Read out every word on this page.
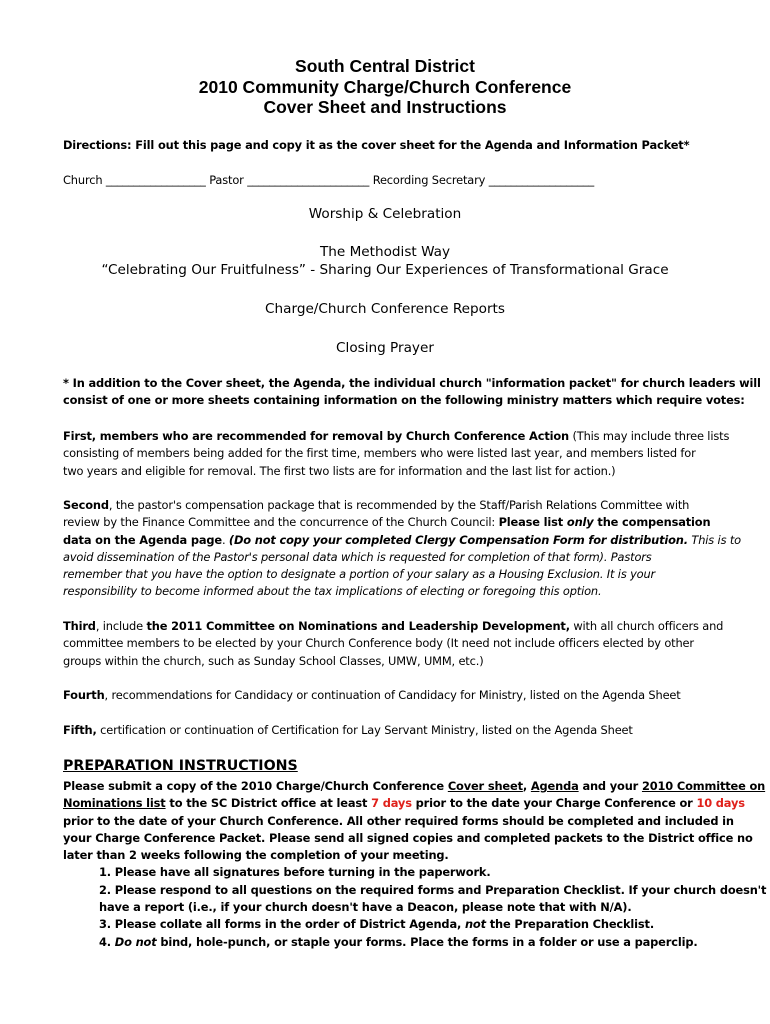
South Central District
2010 Community Charge/Church Conference
Cover Sheet and Instructions
Directions: Fill out this page and copy it as the cover sheet for the Agenda and Information Packet*
Church __________________ Pastor ______________________ Recording Secretary ___________________
Worship & Celebration
The Methodist Way
“Celebrating Our Fruitfulness” - Sharing Our Experiences of Transformational Grace
Charge/Church Conference Reports
Closing Prayer
* In addition to the Cover sheet, the Agenda, the individual church "information packet" for church leaders will
consist of one or more sheets containing information on the following ministry matters which require votes:
First, members who are recommended for removal by Church Conference Action (This may include three lists
consisting of members being added for the first time, members who were listed last year, and members listed for
two years and eligible for removal. The first two lists are for information and the last list for action.)
Second, the pastor's compensation package that is recommended by the Staff/Parish Relations Committee with
review by the Finance Committee and the concurrence of the Church Council: Please list only the compensation
data on the Agenda page. (Do not copy your completed Clergy Compensation Form for distribution. This is to
avoid dissemination of the Pastor's personal data which is requested for completion of that form). Pastors
remember that you have the option to designate a portion of your salary as a Housing Exclusion. It is your
responsibility to become informed about the tax implications of electing or foregoing this option.
Third, include the 2011 Committee on Nominations and Leadership Development, with all church officers and
committee members to be elected by your Church Conference body (It need not include officers elected by other
groups within the church, such as Sunday School Classes, UMW, UMM, etc.)
Fourth, recommendations for Candidacy or continuation of Candidacy for Ministry, listed on the Agenda Sheet
Fifth, certification or continuation of Certification for Lay Servant Ministry, listed on the Agenda Sheet
PREPARATION INSTRUCTIONS
Please submit a copy of the 2010 Charge/Church Conference Cover sheet, Agenda and your 2010 Committee on
Nominations list to the SC District office at least 7 days prior to the date your Charge Conference or 10 days
prior to the date of your Church Conference. All other required forms should be completed and included in
your Charge Conference Packet. Please send all signed copies and completed packets to the District office no
later than 2 weeks following the completion of your meeting.
1. Please have all signatures before turning in the paperwork.
2. Please respond to all questions on the required forms and Preparation Checklist. If your church doesn't
have a report (i.e., if your church doesn't have a Deacon, please note that with N/A).
3. Please collate all forms in the order of District Agenda, not the Preparation Checklist.
4. Do not bind, hole-punch, or staple your forms. Place the forms in a folder or use a paperclip.
